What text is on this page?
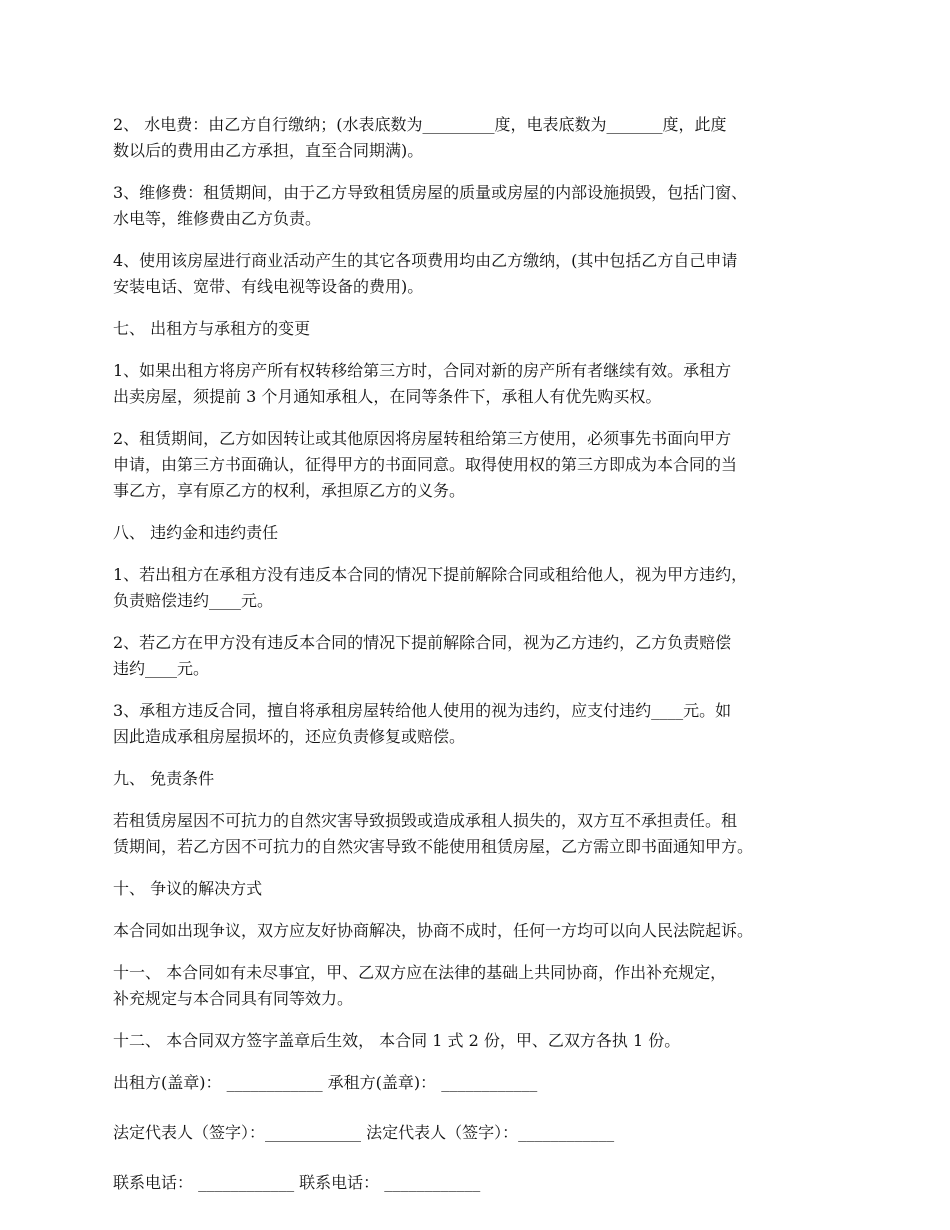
2、 水电费：由乙方自行缴纳；(水表底数为_________度，电表底数为_______度，此度
数以后的费用由乙方承担，直至合同期满)。

3、维修费：租赁期间，由于乙方导致租赁房屋的质量或房屋的内部设施损毁，包括门窗、
水电等，维修费由乙方负责。

4、使用该房屋进行商业活动产生的其它各项费用均由乙方缴纳，(其中包括乙方自己申请
安装电话、宽带、有线电视等设备的费用)。

七、 出租方与承租方的变更

1、如果出租方将房产所有权转移给第三方时，合同对新的房产所有者继续有效。承租方
出卖房屋，须提前 3 个月通知承租人，在同等条件下，承租人有优先购买权。

2、租赁期间，乙方如因转让或其他原因将房屋转租给第三方使用，必须事先书面向甲方
申请，由第三方书面确认，征得甲方的书面同意。取得使用权的第三方即成为本合同的当
事乙方，享有原乙方的权利，承担原乙方的义务。

八、 违约金和违约责任

1、若出租方在承租方没有违反本合同的情况下提前解除合同或租给他人，视为甲方违约，
负责赔偿违约____元。

2、若乙方在甲方没有违反本合同的情况下提前解除合同，视为乙方违约，乙方负责赔偿
违约____元。

3、承租方违反合同，擅自将承租房屋转给他人使用的视为违约，应支付违约____元。如
因此造成承租房屋损坏的，还应负责修复或赔偿。

九、 免责条件

若租赁房屋因不可抗力的自然灾害导致损毁或造成承租人损失的，双方互不承担责任。租
赁期间，若乙方因不可抗力的自然灾害导致不能使用租赁房屋，乙方需立即书面通知甲方。

十、 争议的解决方式

本合同如出现争议，双方应友好协商解决，协商不成时，任何一方均可以向人民法院起诉。

十一、 本合同如有未尽事宜，甲、乙双方应在法律的基础上共同协商，作出补充规定，
补充规定与本合同具有同等效力。

十二、 本合同双方签字盖章后生效， 本合同 1 式 2 份，甲、乙双方各执 1 份。

出租方(盖章)： ____________ 承租方(盖章)： ____________
法定代表人（签字）：____________ 法定代表人（签字）：____________
联系电话： ____________ 联系电话： ____________
